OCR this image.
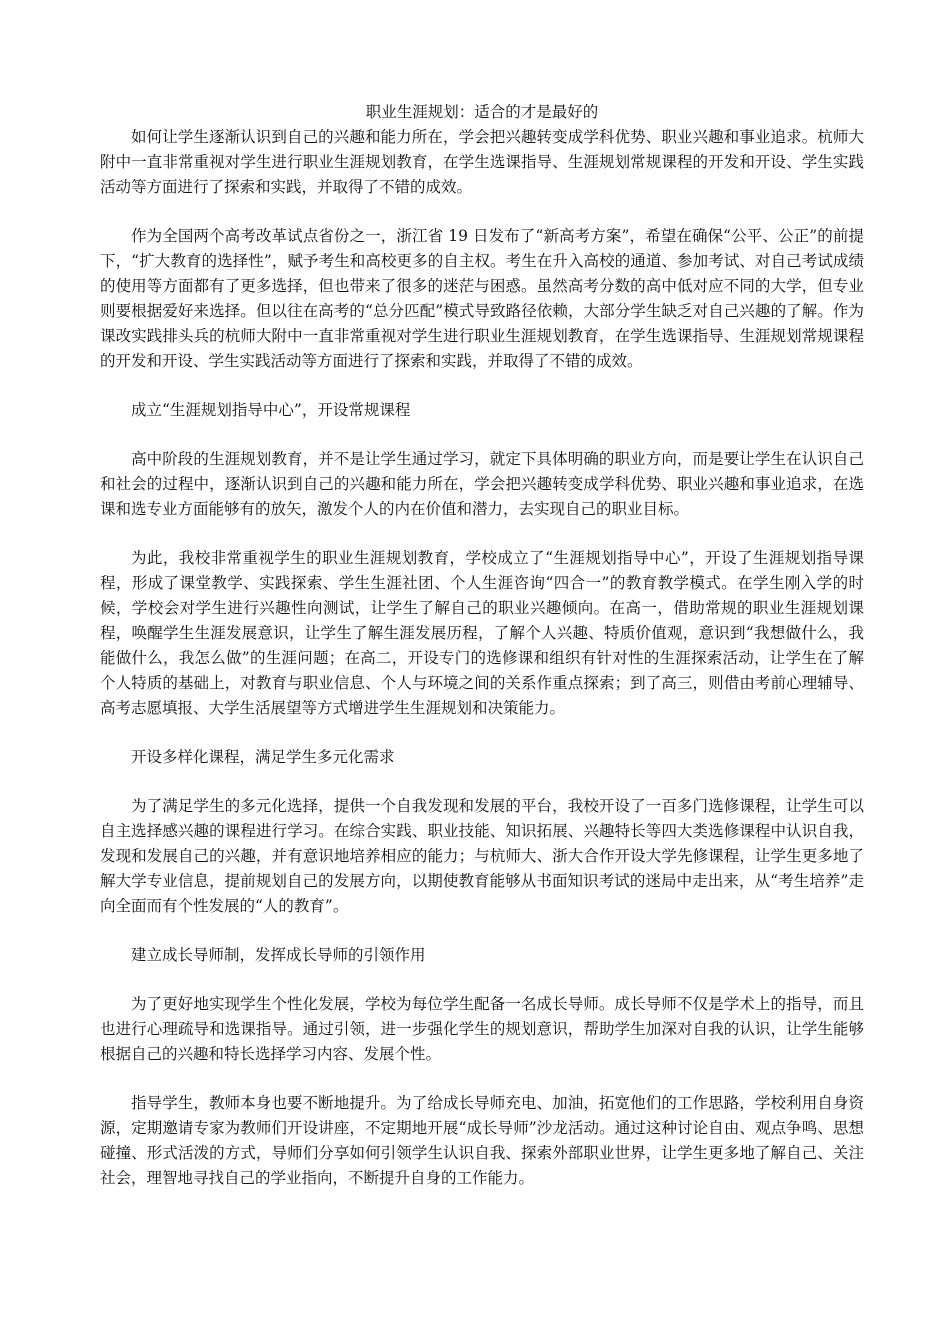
职业生涯规划：适合的才是最好的

如何让学生逐渐认识到自己的兴趣和能力所在，学会把兴趣转变成学科优势、职业兴趣和事业追求。杭师大附中一直非常重视对学生进行职业生涯规划教育，在学生选课指导、生涯规划常规课程的开发和开设、学生实践活动等方面进行了探索和实践，并取得了不错的成效。

作为全国两个高考改革试点省份之一，浙江省 19 日发布了“新高考方案”，希望在确保“公平、公正”的前提下，“扩大教育的选择性”，赋予考生和高校更多的自主权。考生在升入高校的通道、参加考试、对自己考试成绩的使用等方面都有了更多选择，但也带来了很多的迷茫与困惑。虽然高考分数的高中低对应不同的大学，但专业则要根据爱好来选择。但以往在高考的“总分匹配”模式导致路径依赖，大部分学生缺乏对自己兴趣的了解。作为课改实践排头兵的杭师大附中一直非常重视对学生进行职业生涯规划教育，在学生选课指导、生涯规划常规课程的开发和开设、学生实践活动等方面进行了探索和实践，并取得了不错的成效。

成立“生涯规划指导中心”，开设常规课程

高中阶段的生涯规划教育，并不是让学生通过学习，就定下具体明确的职业方向，而是要让学生在认识自己和社会的过程中，逐渐认识到自己的兴趣和能力所在，学会把兴趣转变成学科优势、职业兴趣和事业追求，在选课和选专业方面能够有的放矢，激发个人的内在价值和潜力，去实现自己的职业目标。

为此，我校非常重视学生的职业生涯规划教育，学校成立了“生涯规划指导中心”，开设了生涯规划指导课程，形成了课堂教学、实践探索、学生生涯社团、个人生涯咨询“四合一”的教育教学模式。在学生刚入学的时候，学校会对学生进行兴趣性向测试，让学生了解自己的职业兴趣倾向。在高一，借助常规的职业生涯规划课程，唤醒学生生涯发展意识，让学生了解生涯发展历程，了解个人兴趣、特质价值观，意识到“我想做什么，我能做什么，我怎么做”的生涯问题；在高二，开设专门的选修课和组织有针对性的生涯探索活动，让学生在了解个人特质的基础上，对教育与职业信息、个人与环境之间的关系作重点探索；到了高三，则借由考前心理辅导、高考志愿填报、大学生活展望等方式增进学生生涯规划和决策能力。

开设多样化课程，满足学生多元化需求

为了满足学生的多元化选择，提供一个自我发现和发展的平台，我校开设了一百多门选修课程，让学生可以自主选择感兴趣的课程进行学习。在综合实践、职业技能、知识拓展、兴趣特长等四大类选修课程中认识自我，发现和发展自己的兴趣，并有意识地培养相应的能力；与杭师大、浙大合作开设大学先修课程，让学生更多地了解大学专业信息，提前规划自己的发展方向，以期使教育能够从书面知识考试的迷局中走出来，从“考生培养”走向全面而有个性发展的“人的教育”。

建立成长导师制，发挥成长导师的引领作用

为了更好地实现学生个性化发展，学校为每位学生配备一名成长导师。成长导师不仅是学术上的指导，而且也进行心理疏导和选课指导。通过引领，进一步强化学生的规划意识，帮助学生加深对自我的认识，让学生能够根据自己的兴趣和特长选择学习内容、发展个性。

指导学生，教师本身也要不断地提升。为了给成长导师充电、加油，拓宽他们的工作思路，学校利用自身资源，定期邀请专家为教师们开设讲座，不定期地开展“成长导师”沙龙活动。通过这种讨论自由、观点争鸣、思想碰撞、形式活泼的方式，导师们分享如何引领学生认识自我、探索外部职业世界，让学生更多地了解自己、关注社会，理智地寻找自己的学业指向，不断提升自身的工作能力。
